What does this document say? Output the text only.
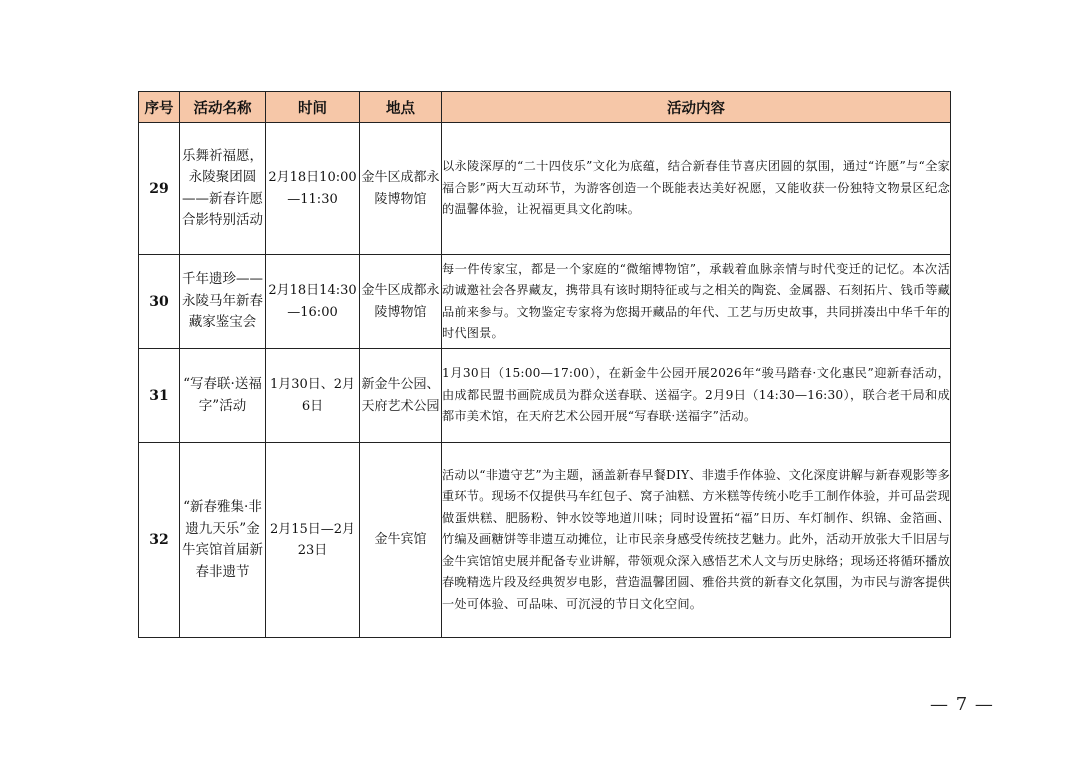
序号	活动名称	时间	地点	活动内容
29	乐舞祈福愿，永陵聚团圆——新春许愿合影特别活动	2月18日10:00—11:30	金牛区成都永陵博物馆	以永陵深厚的“二十四伎乐”文化为底蕴，结合新春佳节喜庆团圆的氛围，通过“许愿”与“全家福合影”两大互动环节，为游客创造一个既能表达美好祝愿，又能收获一份独特文物景区纪念的温馨体验，让祝福更具文化韵味。
30	千年遗珍——永陵马年新春藏家鉴宝会	2月18日14:30—16:00	金牛区成都永陵博物馆	每一件传家宝，都是一个家庭的“微缩博物馆”，承载着血脉亲情与时代变迁的记忆。本次活动诚邀社会各界藏友，携带具有该时期特征或与之相关的陶瓷、金属器、石刻拓片、钱币等藏品前来参与。文物鉴定专家将为您揭开藏品的年代、工艺与历史故事，共同拼凑出中华千年的时代图景。
31	“写春联·送福字”活动	1月30日、2月6日	新金牛公园、天府艺术公园	1月30日（15:00—17:00），在新金牛公园开展2026年“骏马踏春·文化惠民”迎新春活动，由成都民盟书画院成员为群众送春联、送福字。2月9日（14:30—16:30），联合老干局和成都市美术馆，在天府艺术公园开展“写春联·送福字”活动。
32	“新春雅集·非遗九天乐”金牛宾馆首届新春非遗节	2月15日—2月23日	金牛宾馆	活动以“非遗守艺”为主题，涵盖新春早餐DIY、非遗手作体验、文化深度讲解与新春观影等多重环节。现场不仅提供马车红包子、窝子油糕、方米糕等传统小吃手工制作体验，并可品尝现做蛋烘糕、肥肠粉、钟水饺等地道川味；同时设置拓“福”日历、车灯制作、织锦、金箔画、竹编及画糖饼等非遗互动摊位，让市民亲身感受传统技艺魅力。此外，活动开放张大千旧居与金牛宾馆馆史展并配备专业讲解，带领观众深入感悟艺术人文与历史脉络；现场还将循环播放春晚精选片段及经典贺岁电影，营造温馨团圆、雅俗共赏的新春文化氛围，为市民与游客提供一处可体验、可品味、可沉浸的节日文化空间。
— 7 —
